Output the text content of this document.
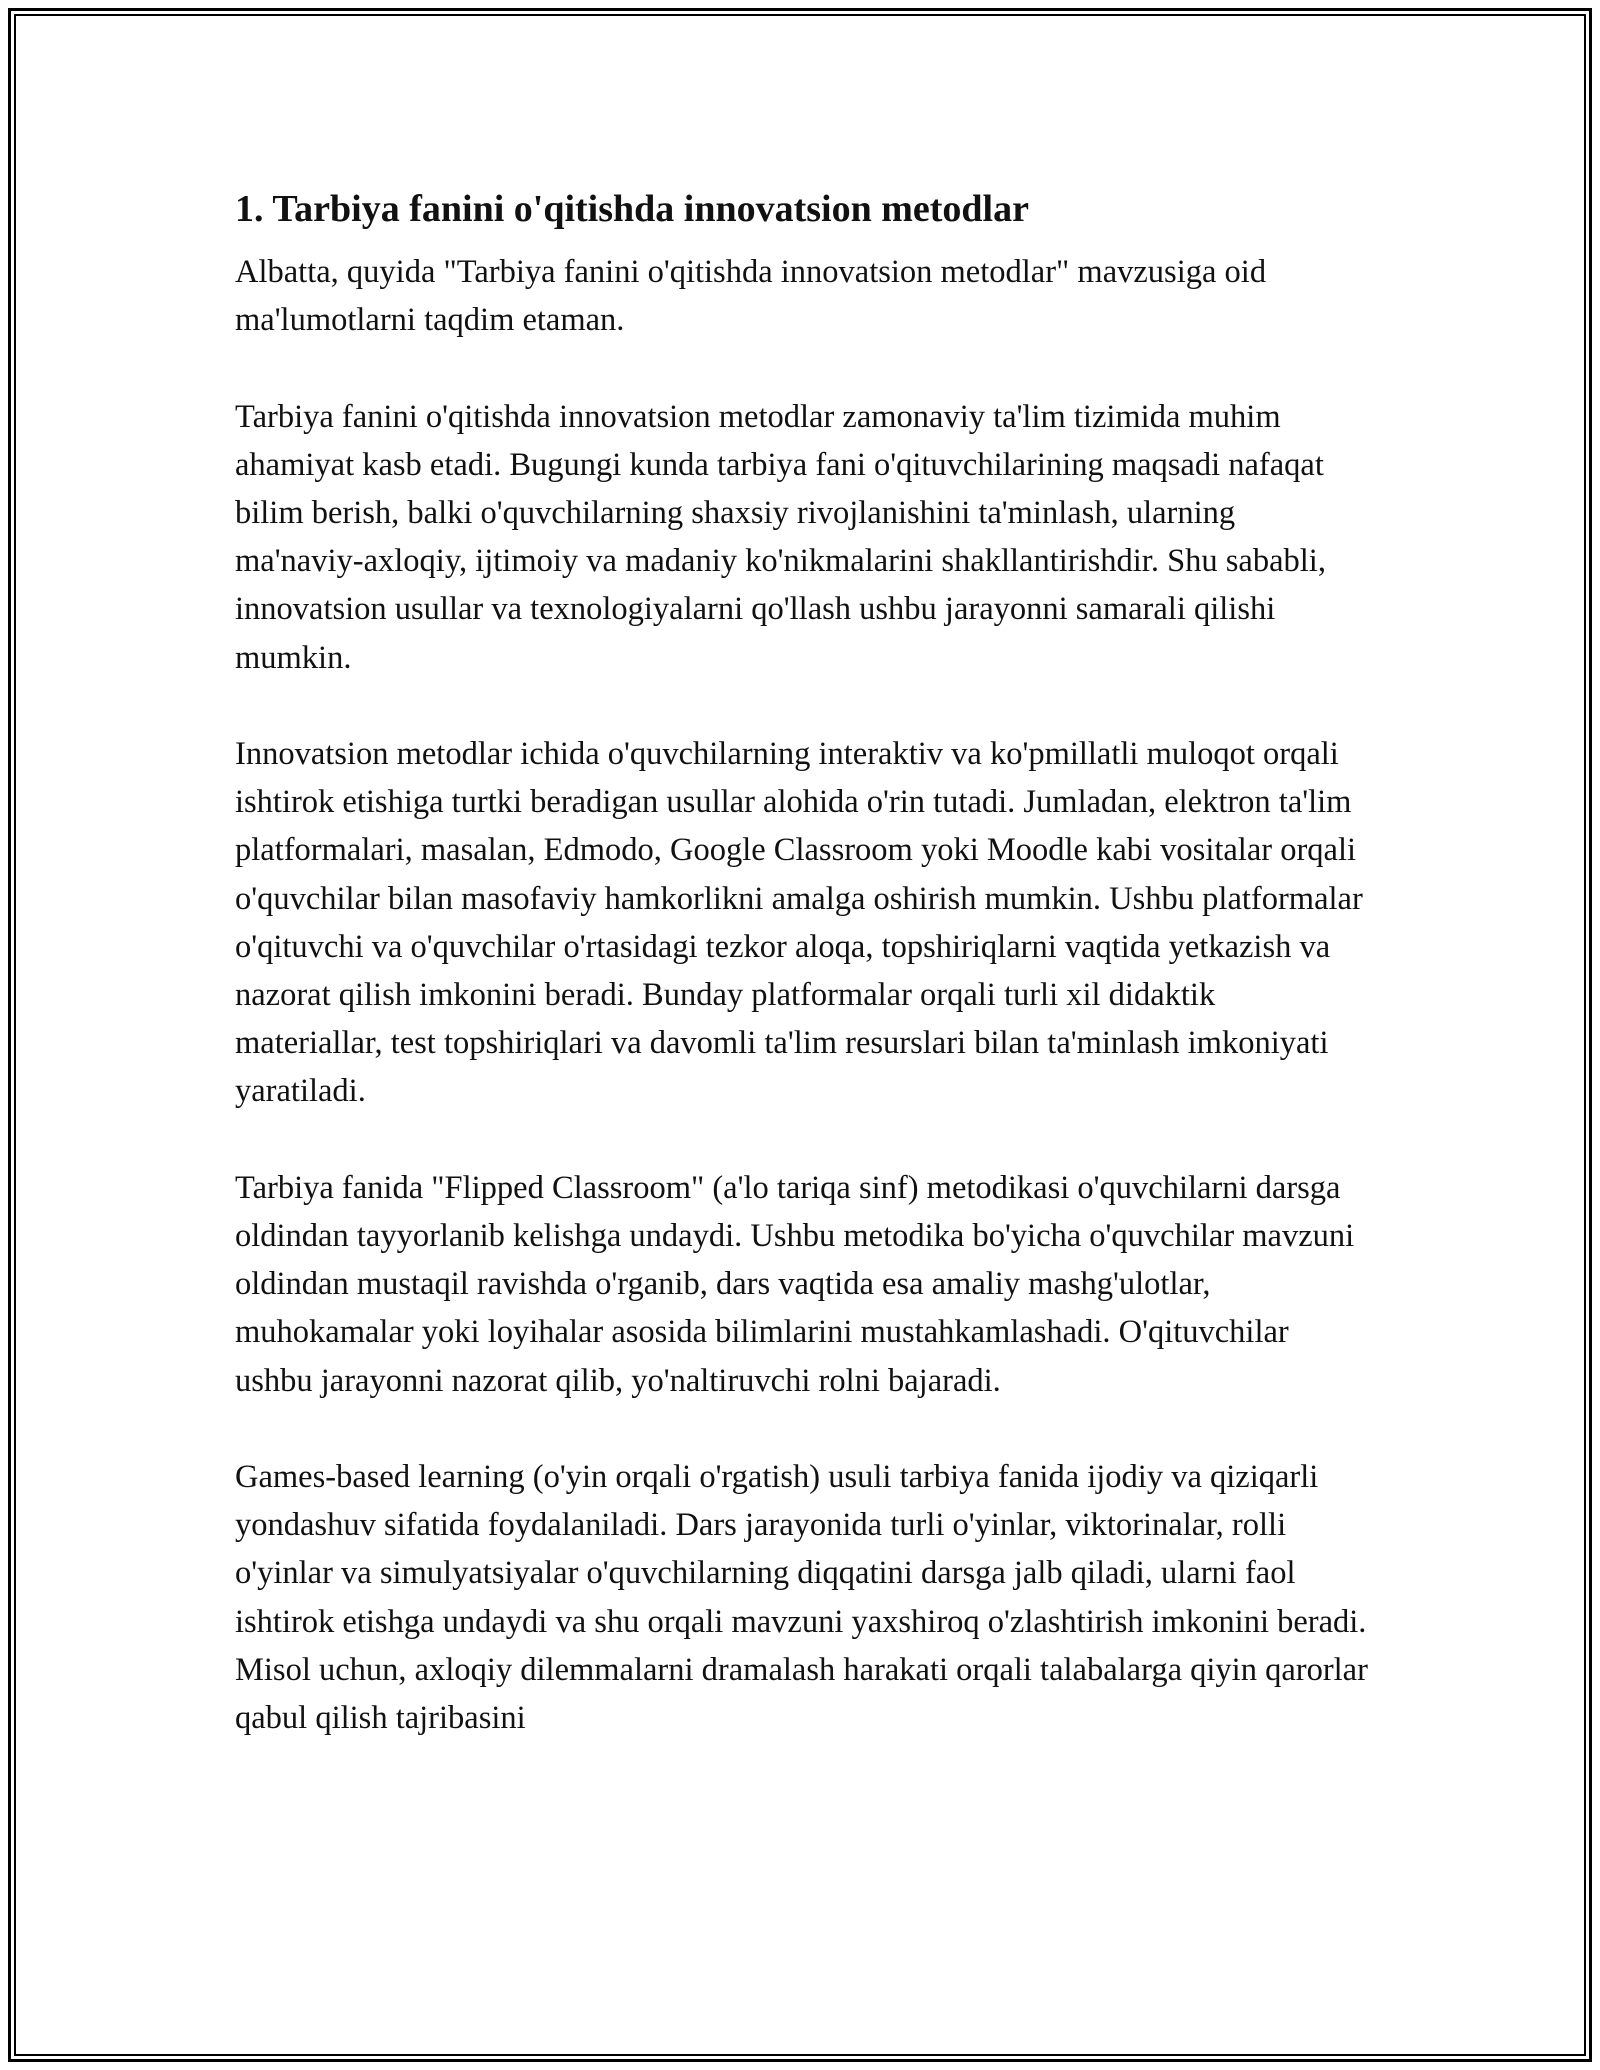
1. Tarbiya fanini o'qitishda innovatsion metodlar

Albatta, quyida "Tarbiya fanini o'qitishda innovatsion metodlar" mavzusiga oid ma'lumotlarni taqdim etaman.

Tarbiya fanini o'qitishda innovatsion metodlar zamonaviy ta'lim tizimida muhim ahamiyat kasb etadi. Bugungi kunda tarbiya fani o'qituvchilarining maqsadi nafaqat bilim berish, balki o'quvchilarning shaxsiy rivojlanishini ta'minlash, ularning ma'naviy-axloqiy, ijtimoiy va madaniy ko'nikmalarini shakllantirishdir. Shu sababli, innovatsion usullar va texnologiyalarni qo'llash ushbu jarayonni samarali qilishi mumkin.

Innovatsion metodlar ichida o'quvchilarning interaktiv va ko'pmillatli muloqot orqali ishtirok etishiga turtki beradigan usullar alohida o'rin tutadi. Jumladan, elektron ta'lim platformalari, masalan, Edmodo, Google Classroom yoki Moodle kabi vositalar orqali o'quvchilar bilan masofaviy hamkorlikni amalga oshirish mumkin. Ushbu platformalar o'qituvchi va o'quvchilar o'rtasidagi tezkor aloqa, topshiriqlarni vaqtida yetkazish va nazorat qilish imkonini beradi. Bunday platformalar orqali turli xil didaktik materiallar, test topshiriqlari va davomli ta'lim resurslari bilan ta'minlash imkoniyati yaratiladi.

Tarbiya fanida "Flipped Classroom" (a'lo tariqa sinf) metodikasi o'quvchilarni darsga oldindan tayyorlanib kelishga undaydi. Ushbu metodika bo'yicha o'quvchilar mavzuni oldindan mustaqil ravishda o'rganib, dars vaqtida esa amaliy mashg'ulotlar, muhokamalar yoki loyihalar asosida bilimlarini mustahkamlashadi. O'qituvchilar ushbu jarayonni nazorat qilib, yo'naltiruvchi rolni bajaradi.

Games-based learning (o'yin orqali o'rgatish) usuli tarbiya fanida ijodiy va qiziqarli yondashuv sifatida foydalaniladi. Dars jarayonida turli o'yinlar, viktorinalar, rolli o'yinlar va simulyatsiyalar o'quvchilarning diqqatini darsga jalb qiladi, ularni faol ishtirok etishga undaydi va shu orqali mavzuni yaxshiroq o'zlashtirish imkonini beradi. Misol uchun, axloqiy dilemmalarni dramalash harakati orqali talabalarga qiyin qarorlar qabul qilish tajribasini
